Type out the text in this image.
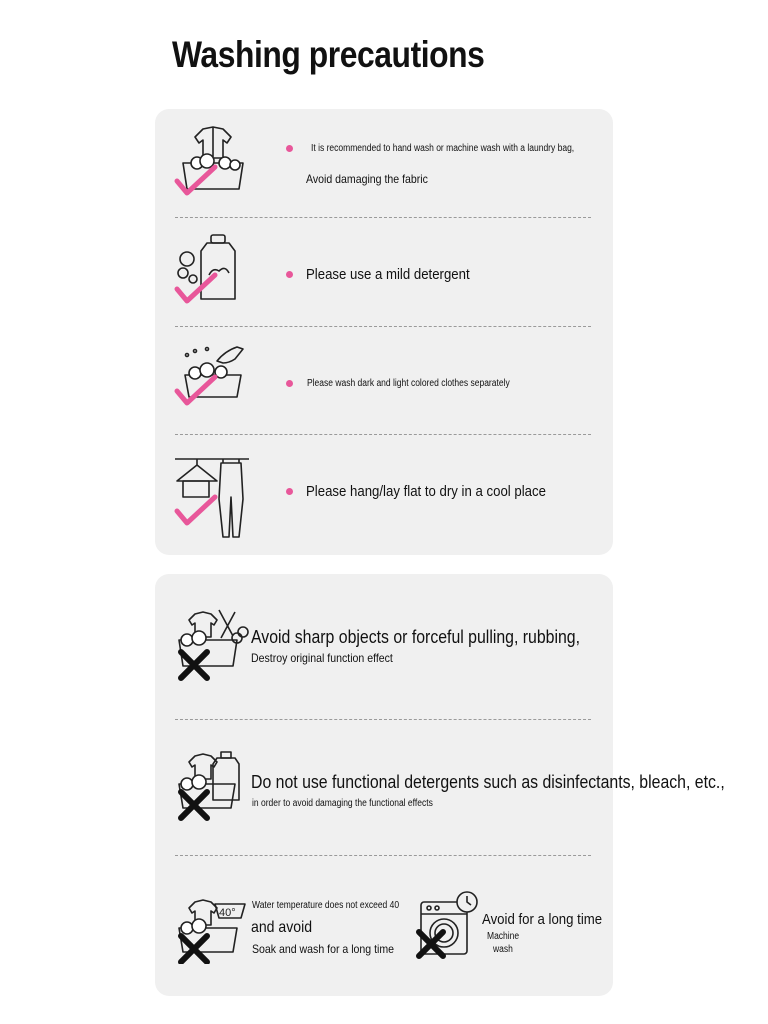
Washing precautions
It is recommended to hand wash or machine wash with a laundry bag,
Avoid damaging the fabric
Please use a mild detergent
Please wash dark and light colored clothes separately
Please hang/lay flat to dry in a cool place
Avoid sharp objects or forceful pulling, rubbing,
Destroy original function effect
Do not use functional detergents such as disinfectants, bleach, etc.,
in order to avoid damaging the functional effects
40°
Water temperature does not exceed 40
and avoid
Soak and wash for a long time
Avoid for a long time
Machine
wash
